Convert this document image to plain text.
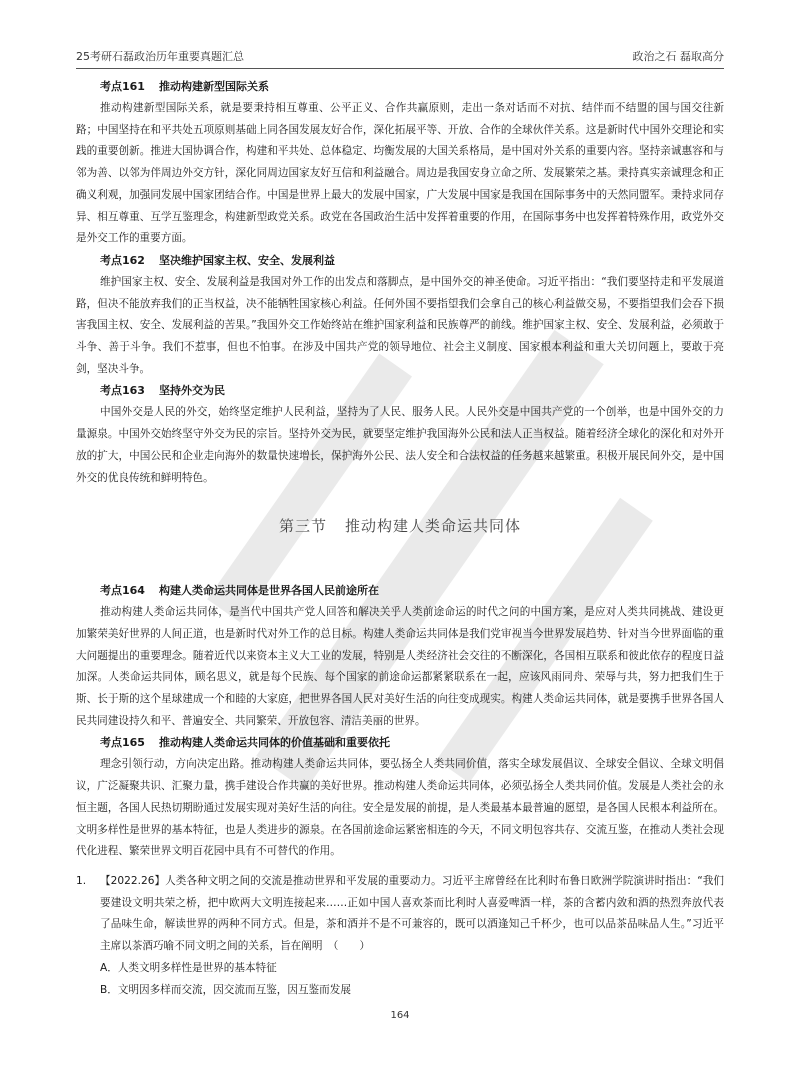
25考研石磊政治历年重要真题汇总	政治之石 磊取高分

考点161 推动构建新型国际关系

推动构建新型国际关系，就是要秉持相互尊重、公平正义、合作共赢原则，走出一条对话而不对抗、结伴而不结盟的国与国交往新路；中国坚持在和平共处五项原则基础上同各国发展友好合作，深化拓展平等、开放、合作的全球伙伴关系。这是新时代中国外交理论和实践的重要创新。推进大国协调合作，构建和平共处、总体稳定、均衡发展的大国关系格局，是中国对外关系的重要内容。坚持亲诚惠容和与邻为善、以邻为伴周边外交方针，深化同周边国家友好互信和利益融合。周边是我国安身立命之所、发展繁荣之基。秉持真实亲诚理念和正确义利观，加强同发展中国家团结合作。中国是世界上最大的发展中国家，广大发展中国家是我国在国际事务中的天然同盟军。秉持求同存异、相互尊重、互学互鉴理念，构建新型政党关系。政党在各国政治生活中发挥着重要的作用，在国际事务中也发挥着特殊作用，政党外交是外交工作的重要方面。

考点162 坚决维护国家主权、安全、发展利益

维护国家主权、安全、发展利益是我国对外工作的出发点和落脚点，是中国外交的神圣使命。习近平指出：“我们要坚持走和平发展道路，但决不能放弃我们的正当权益，决不能牺牲国家核心利益。任何外国不要指望我们会拿自己的核心利益做交易，不要指望我们会吞下损害我国主权、安全、发展利益的苦果。”我国外交工作始终站在维护国家利益和民族尊严的前线。维护国家主权、安全、发展利益，必须敢于斗争、善于斗争。我们不惹事，但也不怕事。在涉及中国共产党的领导地位、社会主义制度、国家根本利益和重大关切问题上，要敢于亮剑，坚决斗争。

考点163 坚持外交为民

中国外交是人民的外交，始终坚定维护人民利益，坚持为了人民、服务人民。人民外交是中国共产党的一个创举，也是中国外交的力量源泉。中国外交始终坚守外交为民的宗旨。坚持外交为民，就要坚定维护我国海外公民和法人正当权益。随着经济全球化的深化和对外开放的扩大，中国公民和企业走向海外的数量快速增长，保护海外公民、法人安全和合法权益的任务越来越繁重。积极开展民间外交，是中国外交的优良传统和鲜明特色。

第三节 推动构建人类命运共同体

考点164 构建人类命运共同体是世界各国人民前途所在

推动构建人类命运共同体，是当代中国共产党人回答和解决关乎人类前途命运的时代之问的中国方案，是应对人类共同挑战、建设更加繁荣美好世界的人间正道，也是新时代对外工作的总目标。构建人类命运共同体是我们党审视当今世界发展趋势、针对当今世界面临的重大问题提出的重要理念。随着近代以来资本主义大工业的发展，特别是人类经济社会交往的不断深化，各国相互联系和彼此依存的程度日益加深。人类命运共同体，顾名思义，就是每个民族、每个国家的前途命运都紧紧联系在一起，应该风雨同舟、荣辱与共，努力把我们生于斯、长于斯的这个星球建成一个和睦的大家庭，把世界各国人民对美好生活的向往变成现实。构建人类命运共同体，就是要携手世界各国人民共同建设持久和平、普遍安全、共同繁荣、开放包容、清洁美丽的世界。

考点165 推动构建人类命运共同体的价值基础和重要依托

理念引领行动，方向决定出路。推动构建人类命运共同体，要弘扬全人类共同价值，落实全球发展倡议、全球安全倡议、全球文明倡议，广泛凝聚共识、汇聚力量，携手建设合作共赢的美好世界。推动构建人类命运共同体，必须弘扬全人类共同价值。发展是人类社会的永恒主题，各国人民热切期盼通过发展实现对美好生活的向往。安全是发展的前提，是人类最基本最普遍的愿望，是各国人民根本利益所在。文明多样性是世界的基本特征，也是人类进步的源泉。在各国前途命运紧密相连的今天，不同文明包容共存、交流互鉴，在推动人类社会现代化进程、繁荣世界文明百花园中具有不可替代的作用。

1. 【2022.26】人类各种文明之间的交流是推动世界和平发展的重要动力。习近平主席曾经在比利时布鲁日欧洲学院演讲时指出：“我们要建设文明共荣之桥，把中欧两大文明连接起来……正如中国人喜欢茶而比利时人喜爱啤酒一样，茶的含蓄内敛和酒的热烈奔放代表了品味生命，解读世界的两种不同方式。但是，茶和酒并不是不可兼容的，既可以酒逢知己千杯少，也可以品茶品味品人生。”习近平主席以茶酒巧喻不同文明之间的关系，旨在阐明　（　　）
A．人类文明多样性是世界的基本特征
B．文明因多样而交流，因交流而互鉴，因互鉴而发展
164
